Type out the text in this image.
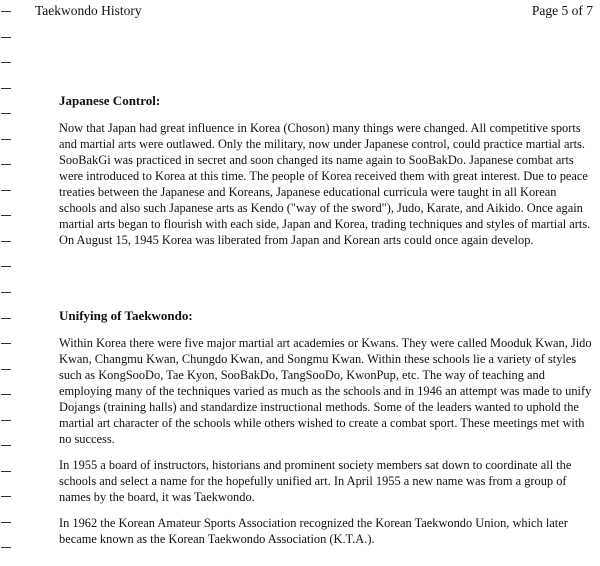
Taekwondo History	Page 5 of 7
Japanese Control:

Now that Japan had great influence in Korea (Choson) many things were changed. All competitive sports and martial arts were outlawed. Only the military, now under Japanese control, could practice martial arts. SooBakGi was practiced in secret and soon changed its name again to SooBakDo. Japanese combat arts were introduced to Korea at this time. The people of Korea received them with great interest. Due to peace treaties between the Japanese and Koreans, Japanese educational curricula were taught in all Korean schools and also such Japanese arts as Kendo ("way of the sword"), Judo, Karate, and Aikido. Once again martial arts began to flourish with each side, Japan and Korea, trading techniques and styles of martial arts. On August 15, 1945 Korea was liberated from Japan and Korean arts could once again develop.

Unifying of Taekwondo:

Within Korea there were five major martial art academies or Kwans. They were called Mooduk Kwan, Jido Kwan, Changmu Kwan, Chungdo Kwan, and Songmu Kwan. Within these schools lie a variety of styles such as KongSooDo, Tae Kyon, SooBakDo, TangSooDo, KwonPup, etc. The way of teaching and employing many of the techniques varied as much as the schools and in 1946 an attempt was made to unify Dojangs (training halls) and standardize instructional methods. Some of the leaders wanted to uphold the martial art character of the schools while others wished to create a combat sport. These meetings met with no success.

In 1955 a board of instructors, historians and prominent society members sat down to coordinate all the schools and select a name for the hopefully unified art. In April 1955 a new name was from a group of names by the board, it was Taekwondo.

In 1962 the Korean Amateur Sports Association recognized the Korean Taekwondo Union, which later became known as the Korean Taekwondo Association (K.T.A.).
